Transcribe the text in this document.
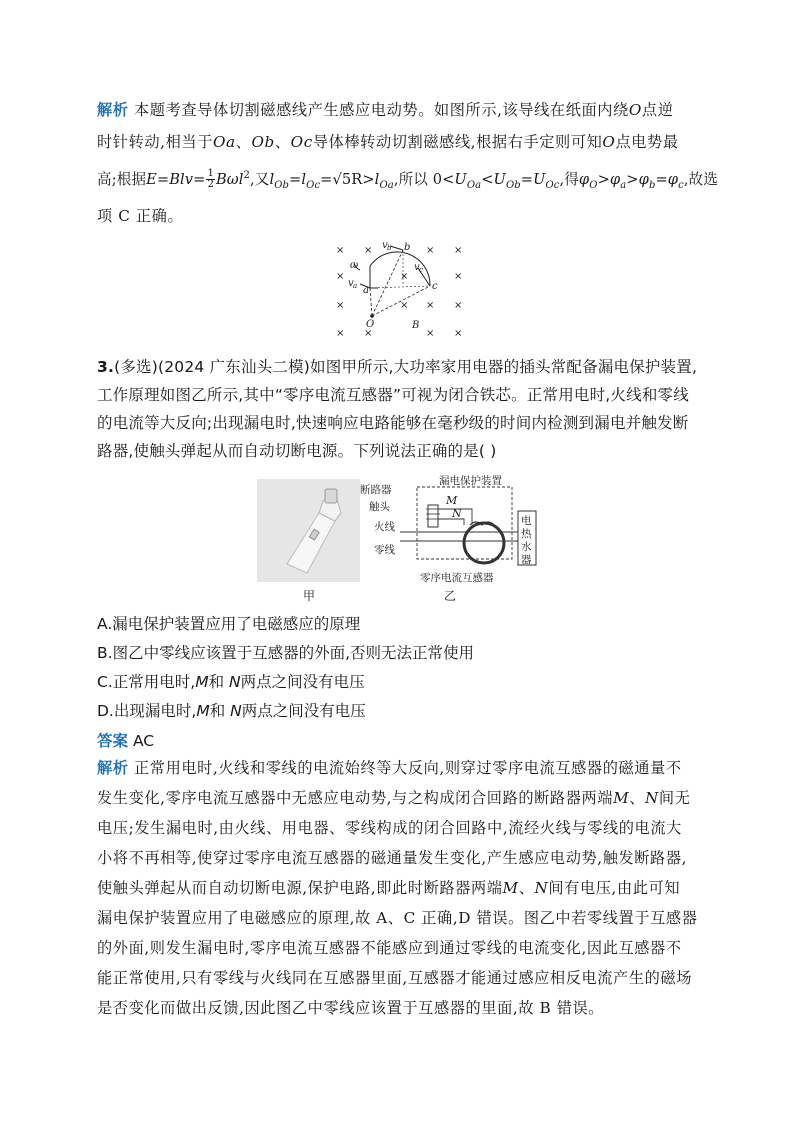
解析 本题考查导体切割磁感线产生感应电动势。如图所示,该导线在纸面内绕O点逆
时针转动,相当于Oa、Ob、Oc导体棒转动切割磁感线,根据右手定则可知O点电势最
高;根据$E=Blv= \frac{1}{2} B\omega l^2$,又$l_{Ob}=l_{Oc}=√5R>l_{Oa}$,所以 $0<U_{Oa}<U_{Ob}=U_{Oc}$,得$\varphi_O>\varphi_a>\varphi_b=\varphi_c$,故选
项 C 正确。
× ×	× ×
×	×	×
×	× × ×
× ×	× ×
v b b
ω	v c
v a a	c
O	B
3.(多选)(2024 广东汕头二模)如图甲所示,大功率家用电器的插头常配备漏电保护装置,
工作原理如图乙所示,其中“零序电流互感器”可视为闭合铁芯。正常用电时,火线和零线
的电流等大反向;出现漏电时,快速响应电路能够在毫秒级的时间内检测到漏电并触发断
路器,使触头弹起从而自动切断电源。下列说法正确的是( )
甲
漏电保护装置
断路器
触头
火线
零线
零序电流互感器
M
N
电
热
水
器
乙
A.漏电保护装置应用了电磁感应的原理
B.图乙中零线应该置于互感器的外面,否则无法正常使用
C.正常用电时,M和 N两点之间没有电压
D.出现漏电时,M和 N两点之间没有电压
答案 AC
解析 正常用电时,火线和零线的电流始终等大反向,则穿过零序电流互感器的磁通量不
发生变化,零序电流互感器中无感应电动势,与之构成闭合回路的断路器两端M、N间无
电压;发生漏电时,由火线、用电器、零线构成的闭合回路中,流经火线与零线的电流大
小将不再相等,使穿过零序电流互感器的磁通量发生变化,产生感应电动势,触发断路器,
使触头弹起从而自动切断电源,保护电路,即此时断路器两端M、N间有电压,由此可知
漏电保护装置应用了电磁感应的原理,故 A、C 正确,D 错误。图乙中若零线置于互感器
的外面,则发生漏电时,零序电流互感器不能感应到通过零线的电流变化,因此互感器不
能正常使用,只有零线与火线同在互感器里面,互感器才能通过感应相反电流产生的磁场
是否变化而做出反馈,因此图乙中零线应该置于互感器的里面,故 B 错误。
